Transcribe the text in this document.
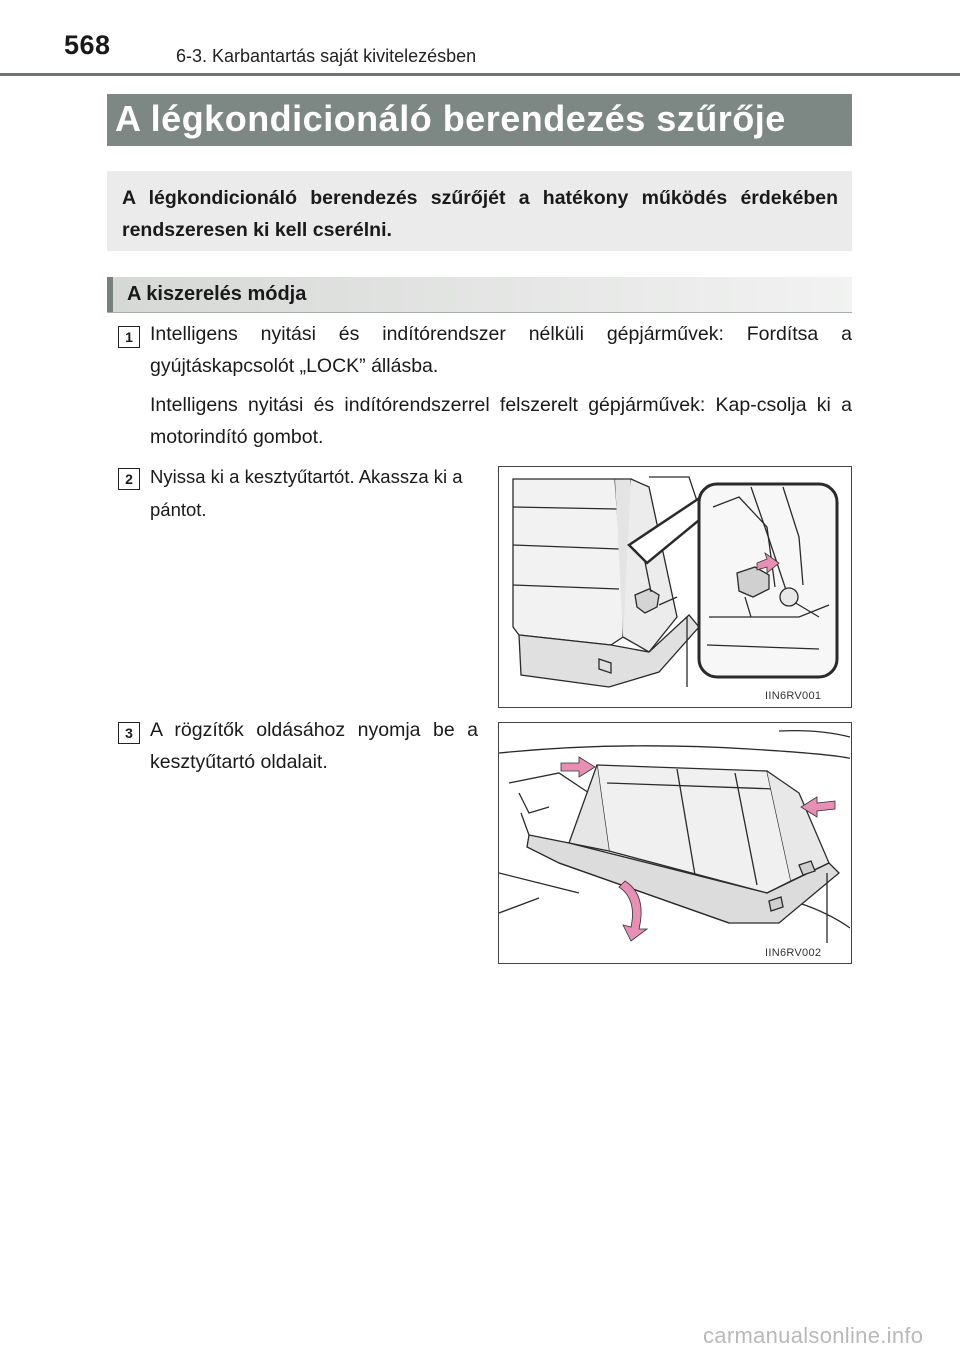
568	6-3. Karbantartás saját kivitelezésben
A légkondicionáló berendezés szűrője
A légkondicionáló berendezés szűrőjét a hatékony működés érdekében rendszeresen ki kell cserélni.
A kiszerelés módja
1 Intelligens nyitási és indítórendszer nélküli gépjárművek: Fordítsa a gyújtáskapcsolót „LOCK” állásba.
Intelligens nyitási és indítórendszerrel felszerelt gépjárművek: Kap-csolja ki a motorindító gombot.
2 Nyissa ki a kesztyűtartót. Akassza ki a pántot.
IIN6RV001
3 A rögzítők oldásához nyomja be a kesztyűtartó oldalait.
IIN6RV002
carmanualsonline.info
